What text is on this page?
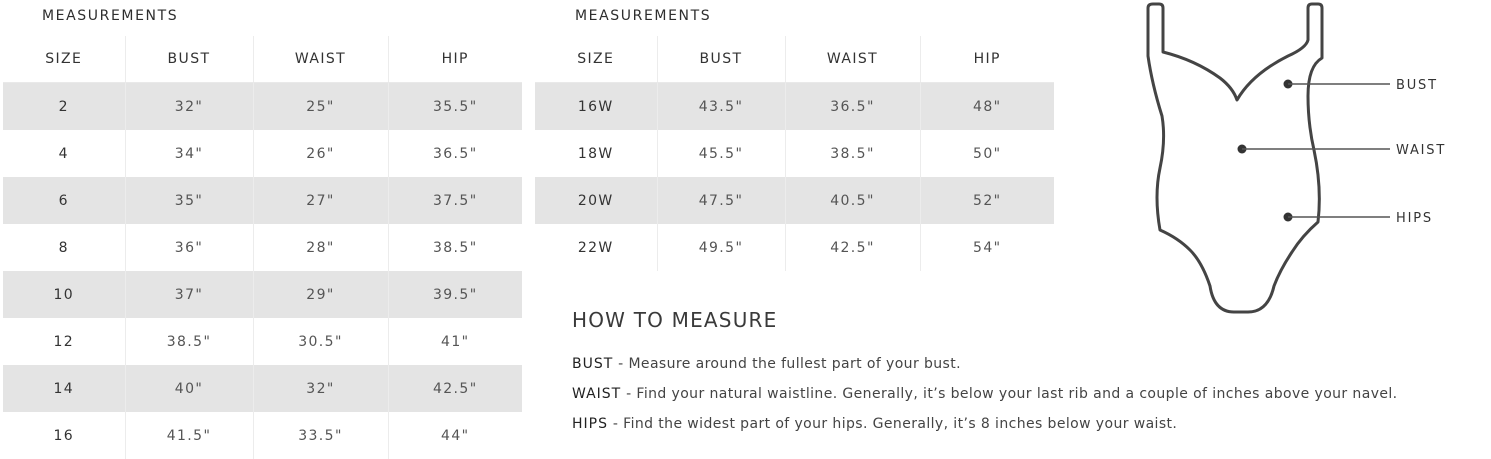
MEASUREMENTS
SIZE	BUST	WAIST	HIP
2	32"	25"	35.5"
4	34"	26"	36.5"
6	35"	27"	37.5"
8	36"	28"	38.5"
10	37"	29"	39.5"
12	38.5"	30.5"	41"
14	40"	32"	42.5"
16	41.5"	33.5"	44"
MEASUREMENTS
SIZE	BUST	WAIST	HIP
16W	43.5"	36.5"	48"
18W	45.5"	38.5"	50"
20W	47.5"	40.5"	52"
22W	49.5"	42.5"	54"
HOW TO MEASURE
BUST - Measure around the fullest part of your bust.
WAIST - Find your natural waistline. Generally, it’s below your last rib and a couple of inches above your navel.
HIPS - Find the widest part of your hips. Generally, it’s 8 inches below your waist.
BUST
WAIST
HIPS
